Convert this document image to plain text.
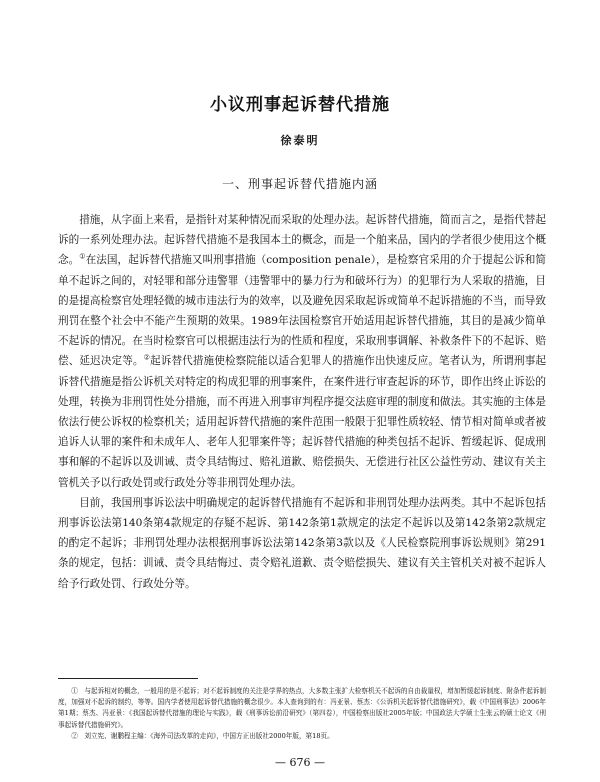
小议刑事起诉替代措施
徐泰明
一、刑事起诉替代措施内涵

措施，从字面上来看，是指针对某种情况而采取的处理办法。起诉替代措施，简而言之，是指代替起诉的一系列处理办法。起诉替代措施不是我国本土的概念，而是一个舶来品，国内的学者很少使用这个概念。①在法国，起诉替代措施又叫刑事措施（composition penale），是检察官采用的介于提起公诉和简单不起诉之间的，对轻罪和部分违警罪（违警罪中的暴力行为和破坏行为）的犯罪行为人采取的措施，目的是提高检察官处理轻微的城市违法行为的效率，以及避免因采取起诉或简单不起诉措施的不当，而导致刑罚在整个社会中不能产生预期的效果。1989年法国检察官开始适用起诉替代措施，其目的是减少简单不起诉的情况。在当时检察官可以根据违法行为的性质和程度，采取刑事调解、补救条件下的不起诉、赔偿、延迟决定等。②起诉替代措施使检察院能以适合犯罪人的措施作出快速反应。笔者认为，所谓刑事起诉替代措施是指公诉机关对特定的构成犯罪的刑事案件，在案件进行审查起诉的环节，即作出终止诉讼的处理，转换为非刑罚性处分措施，而不再进入刑事审判程序提交法庭审理的制度和做法。其实施的主体是依法行使公诉权的检察机关；适用起诉替代措施的案件范围一般限于犯罪性质较轻、情节相对简单或者被追诉人认罪的案件和未成年人、老年人犯罪案件等；起诉替代措施的种类包括不起诉、暂缓起诉、促成刑事和解的不起诉以及训诫、责令具结悔过、赔礼道歉、赔偿损失、无偿进行社区公益性劳动、建议有关主管机关予以行政处罚或行政处分等非刑罚处理办法。

目前，我国刑事诉讼法中明确规定的起诉替代措施有不起诉和非刑罚处理办法两类。其中不起诉包括刑事诉讼法第140条第4款规定的存疑不起诉、第142条第1款规定的法定不起诉以及第142条第2款规定的酌定不起诉；非刑罚处理办法根据刑事诉讼法第142条第3款以及《人民检察院刑事诉讼规则》第291条的规定，包括：训诫、责令具结悔过、责令赔礼道歉、责令赔偿损失、建议有关主管机关对被不起诉人给予行政处罚、行政处分等。

①　与起诉相对的概念，一般用的是不起诉；对不起诉制度的关注是学界的热点，大多数主张扩大检察机关不起诉的自由裁量权，增加暂缓起诉制度、附条件起诉制度，加强对不起诉的制约，等等。国内学者使用起诉替代措施的概念很少。本人查询到的有：冯亚景、蔡杰：《公诉机关起诉替代措施研究》，载《中国刑事法》2006年第1期；蔡杰、冯亚景：《我国起诉替代措施的理论与实践》，载《刑事诉讼前沿研究》（第四卷），中国检察出版社2005年版；中国政法大学硕士生张云的硕士论文《刑事起诉替代措施研究》。

②　刘立宪、谢鹏程主编：《海外司法改革的走向》，中国方正出版社2000年版，第18页。

— 676 —
